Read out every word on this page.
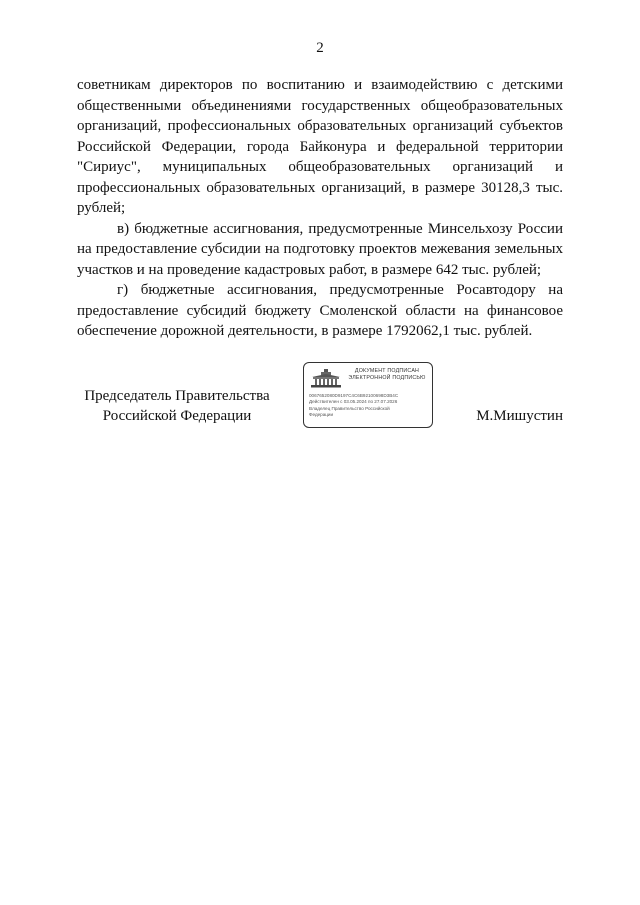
2

советникам директоров по воспитанию и взаимодействию с детскими общественными объединениями государственных общеобразовательных организаций, профессиональных образовательных организаций субъектов Российской Федерации, города Байконура и федеральной территории "Сириус", муниципальных общеобразовательных организаций и профессиональных образовательных организаций, в размере 30128,3 тыс. рублей;

в) бюджетные ассигнования, предусмотренные Минсельхозу России на предоставление субсидии на подготовку проектов межевания земельных участков и на проведение кадастровых работ, в размере 642 тыс. рублей;

г) бюджетные ассигнования, предусмотренные Росавтодору на предоставление субсидий бюджету Смоленской области на финансовое обеспечение дорожной деятельности, в размере 1792062,1 тыс. рублей.

Председатель Правительства
Российской Федерации
ДОКУМЕНТ ПОДПИСАН
ЭЛЕКТРОННОЙ ПОДПИСЬЮ
0067652080D9197C4C6B92100698D3B4C
Действителен с 03.05.2024 по 27.07.2026
Владелец Правительство Российской
Федерации	М.Мишустин
